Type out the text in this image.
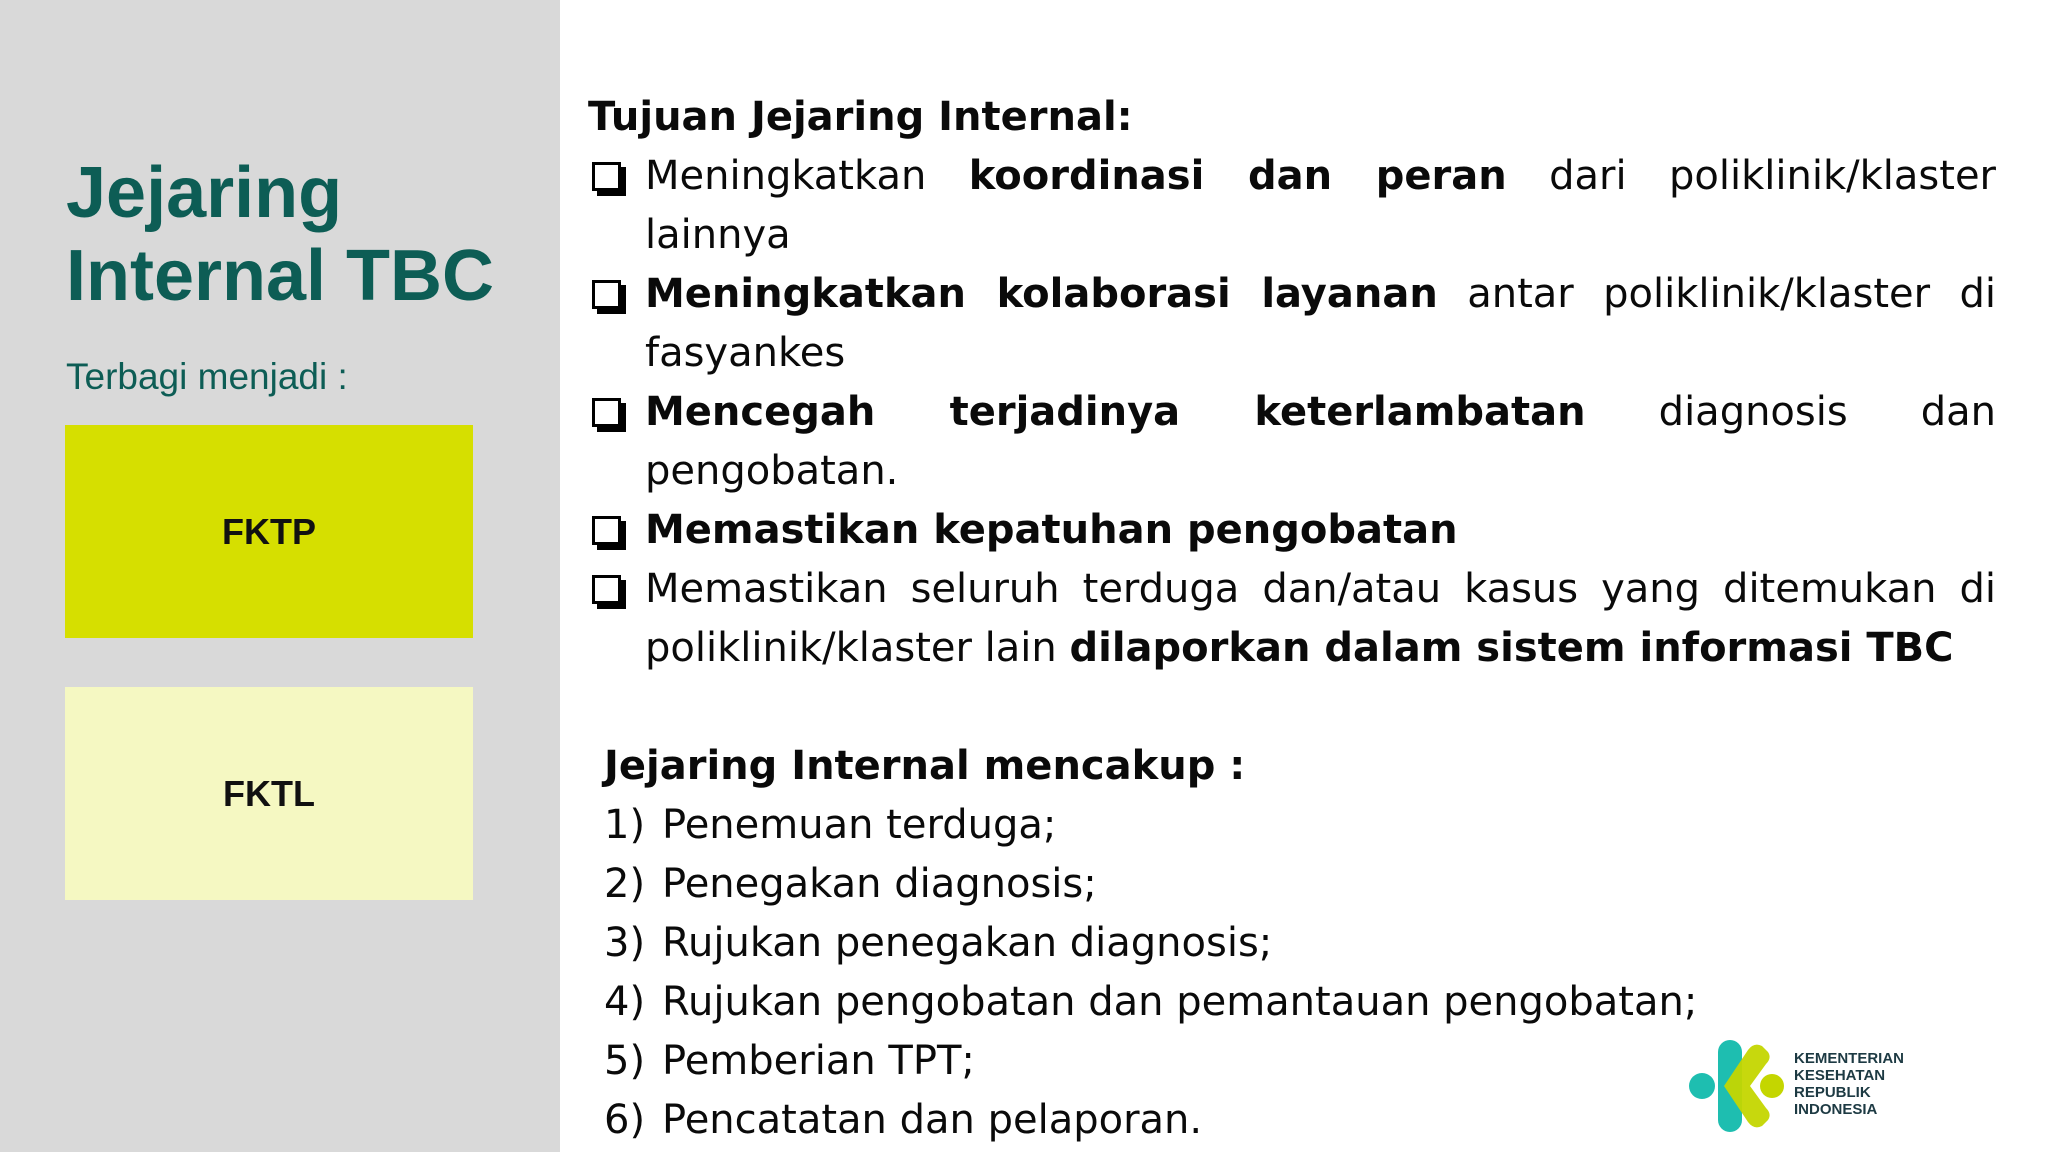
Jejaring
Internal TBC
Terbagi menjadi :
FKTP
FKTL

Tujuan Jejaring Internal:

Meningkatkan koordinasi dan peran dari poliklinik/klaster lainnya
Meningkatkan kolaborasi layanan antar poliklinik/klaster di fasyankes
Mencegah terjadinya keterlambatan diagnosis dan pengobatan.
Memastikan kepatuhan pengobatan
Memastikan seluruh terduga dan/atau kasus yang ditemukan di poliklinik/klaster lain dilaporkan dalam sistem informasi TBC

Jejaring Internal mencakup :

1) Penemuan terduga;
2) Penegakan diagnosis;
3) Rujukan penegakan diagnosis;
4) Rujukan pengobatan dan pemantauan pengobatan;
5) Pemberian TPT;
6) Pencatatan dan pelaporan.
KEMENTERIAN
KESEHATAN
REPUBLIK
INDONESIA
